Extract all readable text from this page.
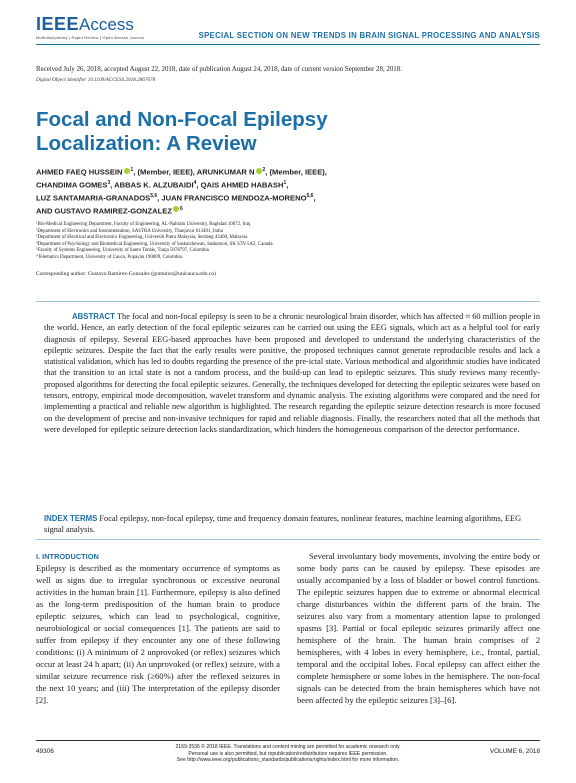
IEEEAccess
Multidisciplinary | Rapid Review | Open Access Journal	SPECIAL SECTION ON NEW TRENDS IN BRAIN SIGNAL PROCESSING AND ANALYSIS
Received July 26, 2018, accepted August 22, 2018, date of publication August 24, 2018, date of current version September 28, 2018.
Digital Object Identifier 10.1109/ACCESS.2018.2867078
Focal and Non-Focal Epilepsy Localization: A Review
AHMED FAEQ HUSSEIN $^1$, (Member, IEEE), ARUNKUMAR N $^2$, (Member, IEEE),
CHANDIMA GOMES$^3$, ABBAS K. ALZUBAIDI$^4$, QAIS AHMED HABASH$^1$,
LUZ SANTAMARIA-GRANADOS$^{5,6}$, JUAN FRANCISCO MENDOZA-MORENO$^{5,6}$,
AND GUSTAVO RAMIREZ-GONZALEZ $^6$
¹Bio-Medical Engineering Department, Faculty of Engineering, AL-Nahrain University, Baghdad 10072, Iraq
²Department of Electronics and Instrumentation, SASTRA University, Thanjavur 613401, India
³Department of Electrical and Electronics Engineering, Universiti Putra Malaysia, Serdang 43400, Malaysia
⁴Department of Psychology and Biomedical Engineering, University of Saskatchewan, Saskatoon, SK S7N 5A2, Canada
⁵Faculty of Systems Engineering, University of Santo Tomás, Tunja 5878797, Colombia
⁶Telematics Department, University of Cauca, Popayán 190009, Colombia
Corresponding author: Gustavo Ramirez-Gonzalez (gramirez@unicauca.edu.co)
ABSTRACT The focal and non-focal epilepsy is seen to be a chronic neurological brain disorder, which has affected ≈ 60 million people in the world. Hence, an early detection of the focal epileptic seizures can be carried out using the EEG signals, which act as a helpful tool for early diagnosis of epilepsy. Several EEG-based approaches have been proposed and developed to understand the underlying characteristics of the epileptic seizures. Despite the fact that the early results were positive, the proposed techniques cannot generate reproducible results and lack a statistical validation, which has led to doubts regarding the presence of the pre-ictal state. Various methodical and algorithmic studies have indicated that the transition to an ictal state is not a random process, and the build-up can lead to epileptic seizures. This study reviews many recently-proposed algorithms for detecting the focal epileptic seizures. Generally, the techniques developed for detecting the epileptic seizures were based on tensors, entropy, empirical mode decomposition, wavelet transform and dynamic analysis. The existing algorithms were compared and the need for implementing a practical and reliable new algorithm is highlighted. The research regarding the epileptic seizure detection research is more focused on the development of precise and non-invasive techniques for rapid and reliable diagnosis. Finally, the researchers noted that all the methods that were developed for epileptic seizure detection lacks standardization, which hinders the homogeneous comparison of the detector performance.
INDEX TERMS Focal epilepsy, non-focal epilepsy, time and frequency domain features, nonlinear features, machine learning algorithms, EEG signal analysis.
I. INTRODUCTION
Epilepsy is described as the momentary occurrence of symptoms as well as signs due to irregular synchronous or excessive neuronal activities in the human brain [1]. Furthermore, epilepsy is also defined as the long-term predisposition of the human brain to produce epileptic seizures, which can lead to psychological, cognitive, neurobiological or social consequences [1]. The patients are said to suffer from epilepsy if they encounter any one of these following conditions: (i) A minimum of 2 unprovoked (or reflex) seizures which occur at least 24 h apart; (ii) An unprovoked (or reflex) seizure, with a similar seizure recurrence risk (≥60%) after the reflexed seizures in the next 10 years; and (iii) The interpretation of the epilepsy disorder [2].
Several involuntary body movements, involving the entire body or some body parts can be caused by epilepsy. These episodes are usually accompanied by a loss of bladder or bowel control functions. The epileptic seizures happen due to extreme or abnormal electrical charge disturbances within the different parts of the brain. The seizures also vary from a momentary attention lapse to prolonged spasms [3]. Partial or focal epileptic seizures primarily affect one hemisphere of the brain. The human brain comprises of 2 hemispheres, with 4 lobes in every hemisphere, i.e., frontal, partial, temporal and the occipital lobes. Focal epilepsy can affect either the complete hemisphere or some lobes in the hemisphere. The non-focal signals can be detected from the brain hemispheres which have not been affected by the epileptic seizures [3]–[6].
49306
2169-3536 © 2018 IEEE. Translations and content mining are permitted for academic research only.
Personal use is also permitted, but republication/redistribution requires IEEE permission.
See http://www.ieee.org/publications_standards/publications/rights/index.html for more information.
VOLUME 6, 2018
